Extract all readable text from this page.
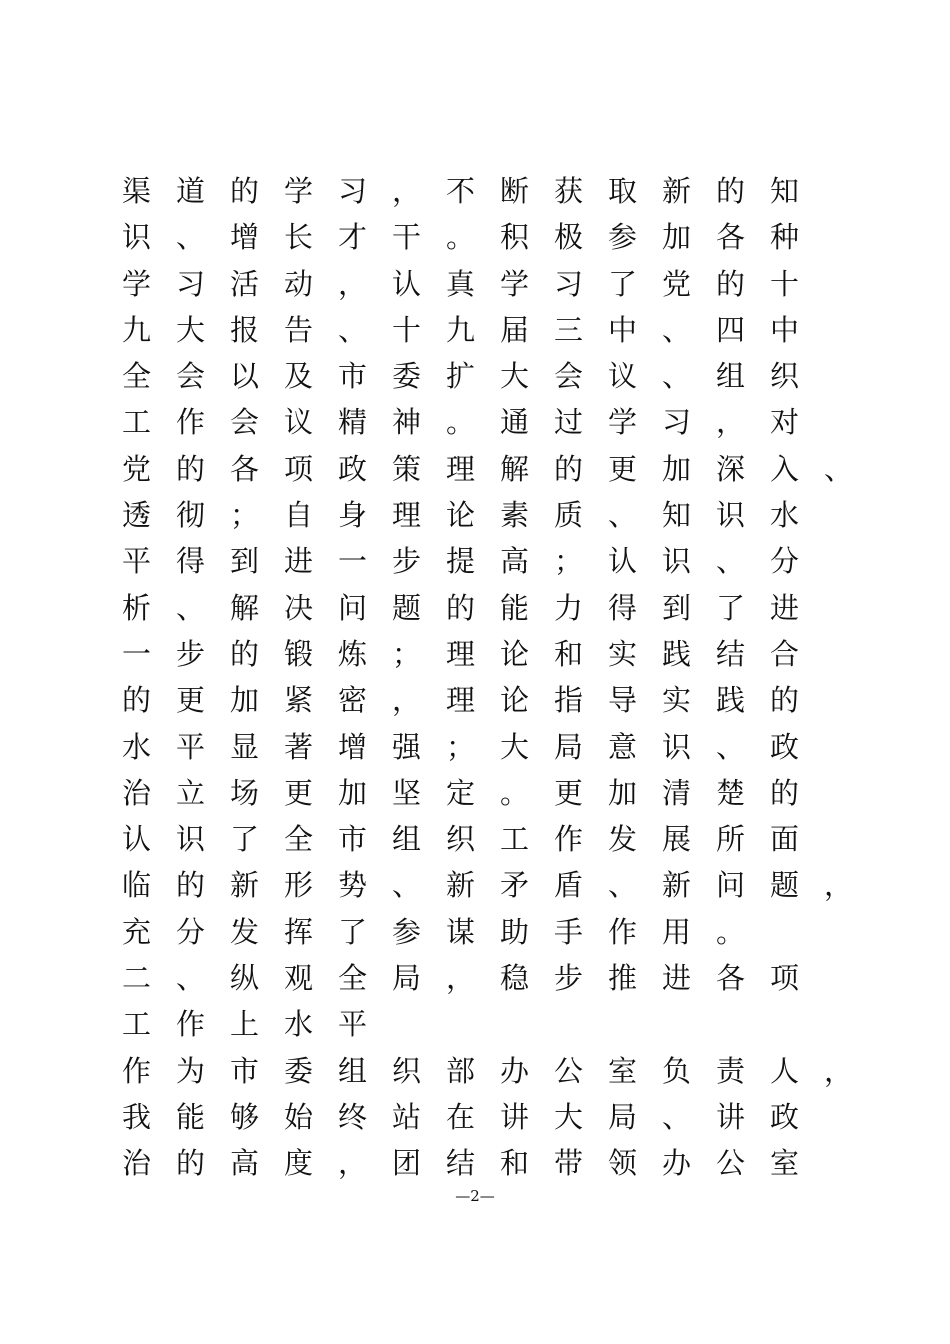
渠道的学习，不断获取新的知
识、增长才干。积极参加各种
学习活动，认真学习了党的十
九大报告、十九届三中、四中
全会以及市委扩大会议、组织
工作会议精神。通过学习，对
党的各项政策理解的更加深入、
透彻；自身理论素质、知识水
平得到进一步提高；认识、分
析、解决问题的能力得到了进
一步的锻炼；理论和实践结合
的更加紧密，理论指导实践的
水平显著增强；大局意识、政
治立场更加坚定。更加清楚的
认识了全市组织工作发展所面
临的新形势、新矛盾、新问题，
充分发挥了参谋助手作用。
二、纵观全局，稳步推进各项
工作上水平
作为市委组织部办公室负责人，
我能够始终站在讲大局、讲政
治的高度，团结和带领办公室
—2—
